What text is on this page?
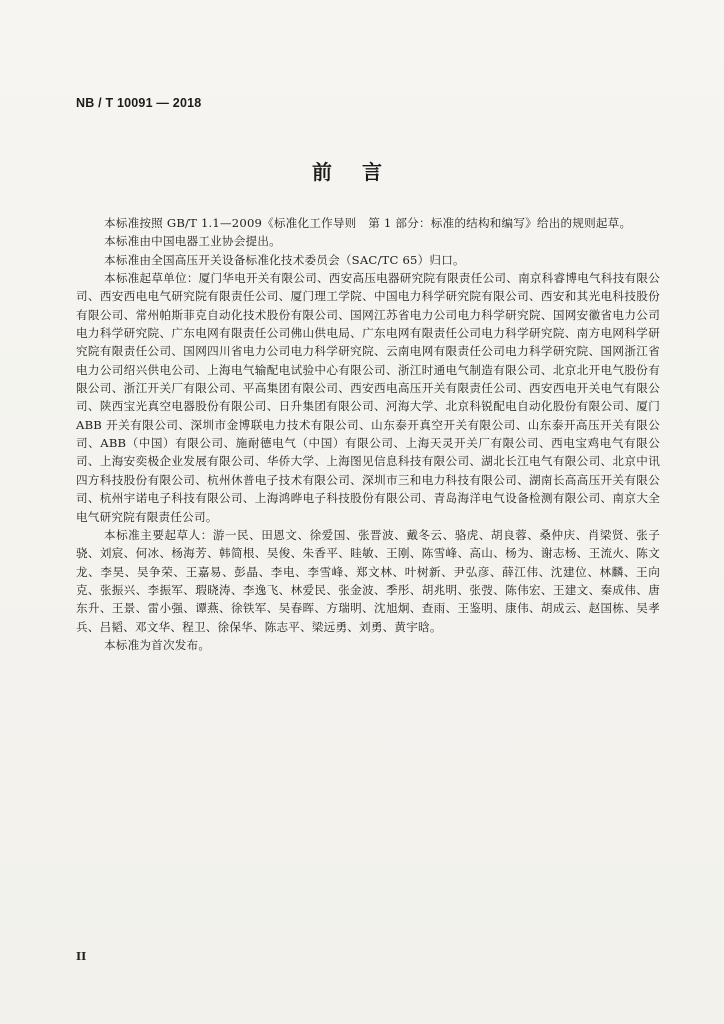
NB / T 10091 — 2018
前言

本标准按照 GB/T 1.1—2009《标准化工作导则　第 1 部分：标准的结构和编写》给出的规则起草。

本标准由中国电器工业协会提出。

本标准由全国高压开关设备标准化技术委员会（SAC/TC 65）归口。

本标准起草单位：厦门华电开关有限公司、西安高压电器研究院有限责任公司、南京科睿博电气科技有限公司、西安西电电气研究院有限责任公司、厦门理工学院、中国电力科学研究院有限公司、西安和其光电科技股份有限公司、常州帕斯菲克自动化技术股份有限公司、国网江苏省电力公司电力科学研究院、国网安徽省电力公司电力科学研究院、广东电网有限责任公司佛山供电局、广东电网有限责任公司电力科学研究院、南方电网科学研究院有限责任公司、国网四川省电力公司电力科学研究院、云南电网有限责任公司电力科学研究院、国网浙江省电力公司绍兴供电公司、上海电气输配电试验中心有限公司、浙江时通电气制造有限公司、北京北开电气股份有限公司、浙江开关厂有限公司、平高集团有限公司、西安西电高压开关有限责任公司、西安西电开关电气有限公司、陕西宝光真空电器股份有限公司、日升集团有限公司、河海大学、北京科锐配电自动化股份有限公司、厦门 ABB 开关有限公司、深圳市金博联电力技术有限公司、山东泰开真空开关有限公司、山东泰开高压开关有限公司、ABB（中国）有限公司、施耐德电气（中国）有限公司、上海天灵开关厂有限公司、西电宝鸡电气有限公司、上海安奕极企业发展有限公司、华侨大学、上海图见信息科技有限公司、湖北长江电气有限公司、北京中讯四方科技股份有限公司、杭州休普电子技术有限公司、深圳市三和电力科技有限公司、湖南长高高压开关有限公司、杭州宇诺电子科技有限公司、上海鸿晔电子科技股份有限公司、青岛海洋电气设备检测有限公司、南京大全电气研究院有限责任公司。

本标准主要起草人：游一民、田恩文、徐爱国、张晋波、戴冬云、骆虎、胡良蓉、桑仲庆、肖梁贤、张子骁、刘宸、何冰、杨海芳、韩简根、吴俊、朱香平、眭敏、王刚、陈雪峰、高山、杨为、谢志杨、王流火、陈文龙、李昊、吴争荣、王嘉易、彭晶、李电、李雪峰、郑文林、叶树新、尹弘彦、薛江伟、沈建位、林麟、王向克、张振兴、李振军、瑕晓涛、李逸飞、林爱民、张金波、季彤、胡兆明、张弢、陈伟宏、王建文、秦成伟、唐东升、王景、雷小强、谭燕、徐铁军、吴春晖、方瑞明、沈旭炯、查雨、王鉴明、康伟、胡成云、赵国栋、吴孝兵、吕韬、邓文华、程卫、徐保华、陈志平、梁远勇、刘勇、黄宇晗。

本标准为首次发布。

II
